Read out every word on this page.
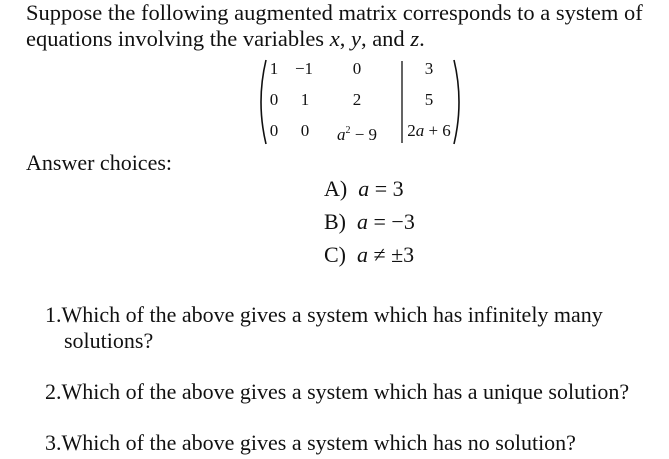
Suppose the following augmented matrix corresponds to a system of
equations involving the variables x, y, and z.
1 −1	0	3
0	1	2	5
0	0	$a^2 - 9$	2a + 6
Answer choices:
A) a = 3
B) a = −3
C) a ≠ ±3
1.Which of the above gives a system which has infinitely many
solutions?
2.Which of the above gives a system which has a unique solution?
3.Which of the above gives a system which has no solution?
